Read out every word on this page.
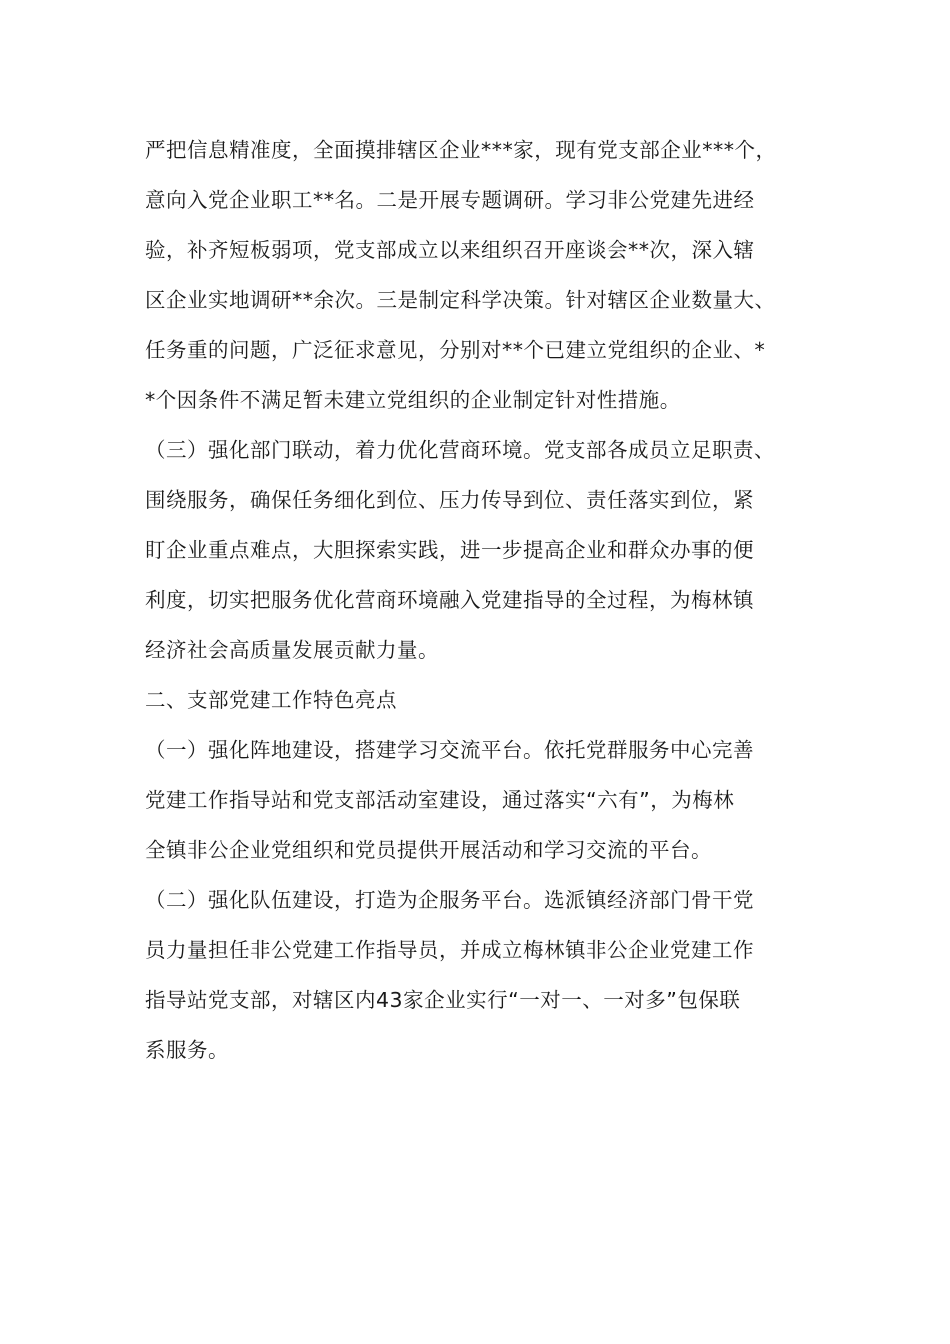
严把信息精准度，全面摸排辖区企业***家，现有党支部企业***个，
意向入党企业职工**名。二是开展专题调研。学习非公党建先进经
验，补齐短板弱项，党支部成立以来组织召开座谈会**次，深入辖
区企业实地调研**余次。三是制定科学决策。针对辖区企业数量大、
任务重的问题，广泛征求意见，分别对**个已建立党组织的企业、*
*个因条件不满足暂未建立党组织的企业制定针对性措施。
（三）强化部门联动，着力优化营商环境。党支部各成员立足职责、
围绕服务，确保任务细化到位、压力传导到位、责任落实到位，紧
盯企业重点难点，大胆探索实践，进一步提高企业和群众办事的便
利度，切实把服务优化营商环境融入党建指导的全过程，为梅林镇
经济社会高质量发展贡献力量。
二、支部党建工作特色亮点
（一）强化阵地建设，搭建学习交流平台。依托党群服务中心完善
党建工作指导站和党支部活动室建设，通过落实“六有”，为梅林
全镇非公企业党组织和党员提供开展活动和学习交流的平台。
（二）强化队伍建设，打造为企服务平台。选派镇经济部门骨干党
员力量担任非公党建工作指导员，并成立梅林镇非公企业党建工作
指导站党支部，对辖区内43家企业实行“一对一、一对多”包保联
系服务。
